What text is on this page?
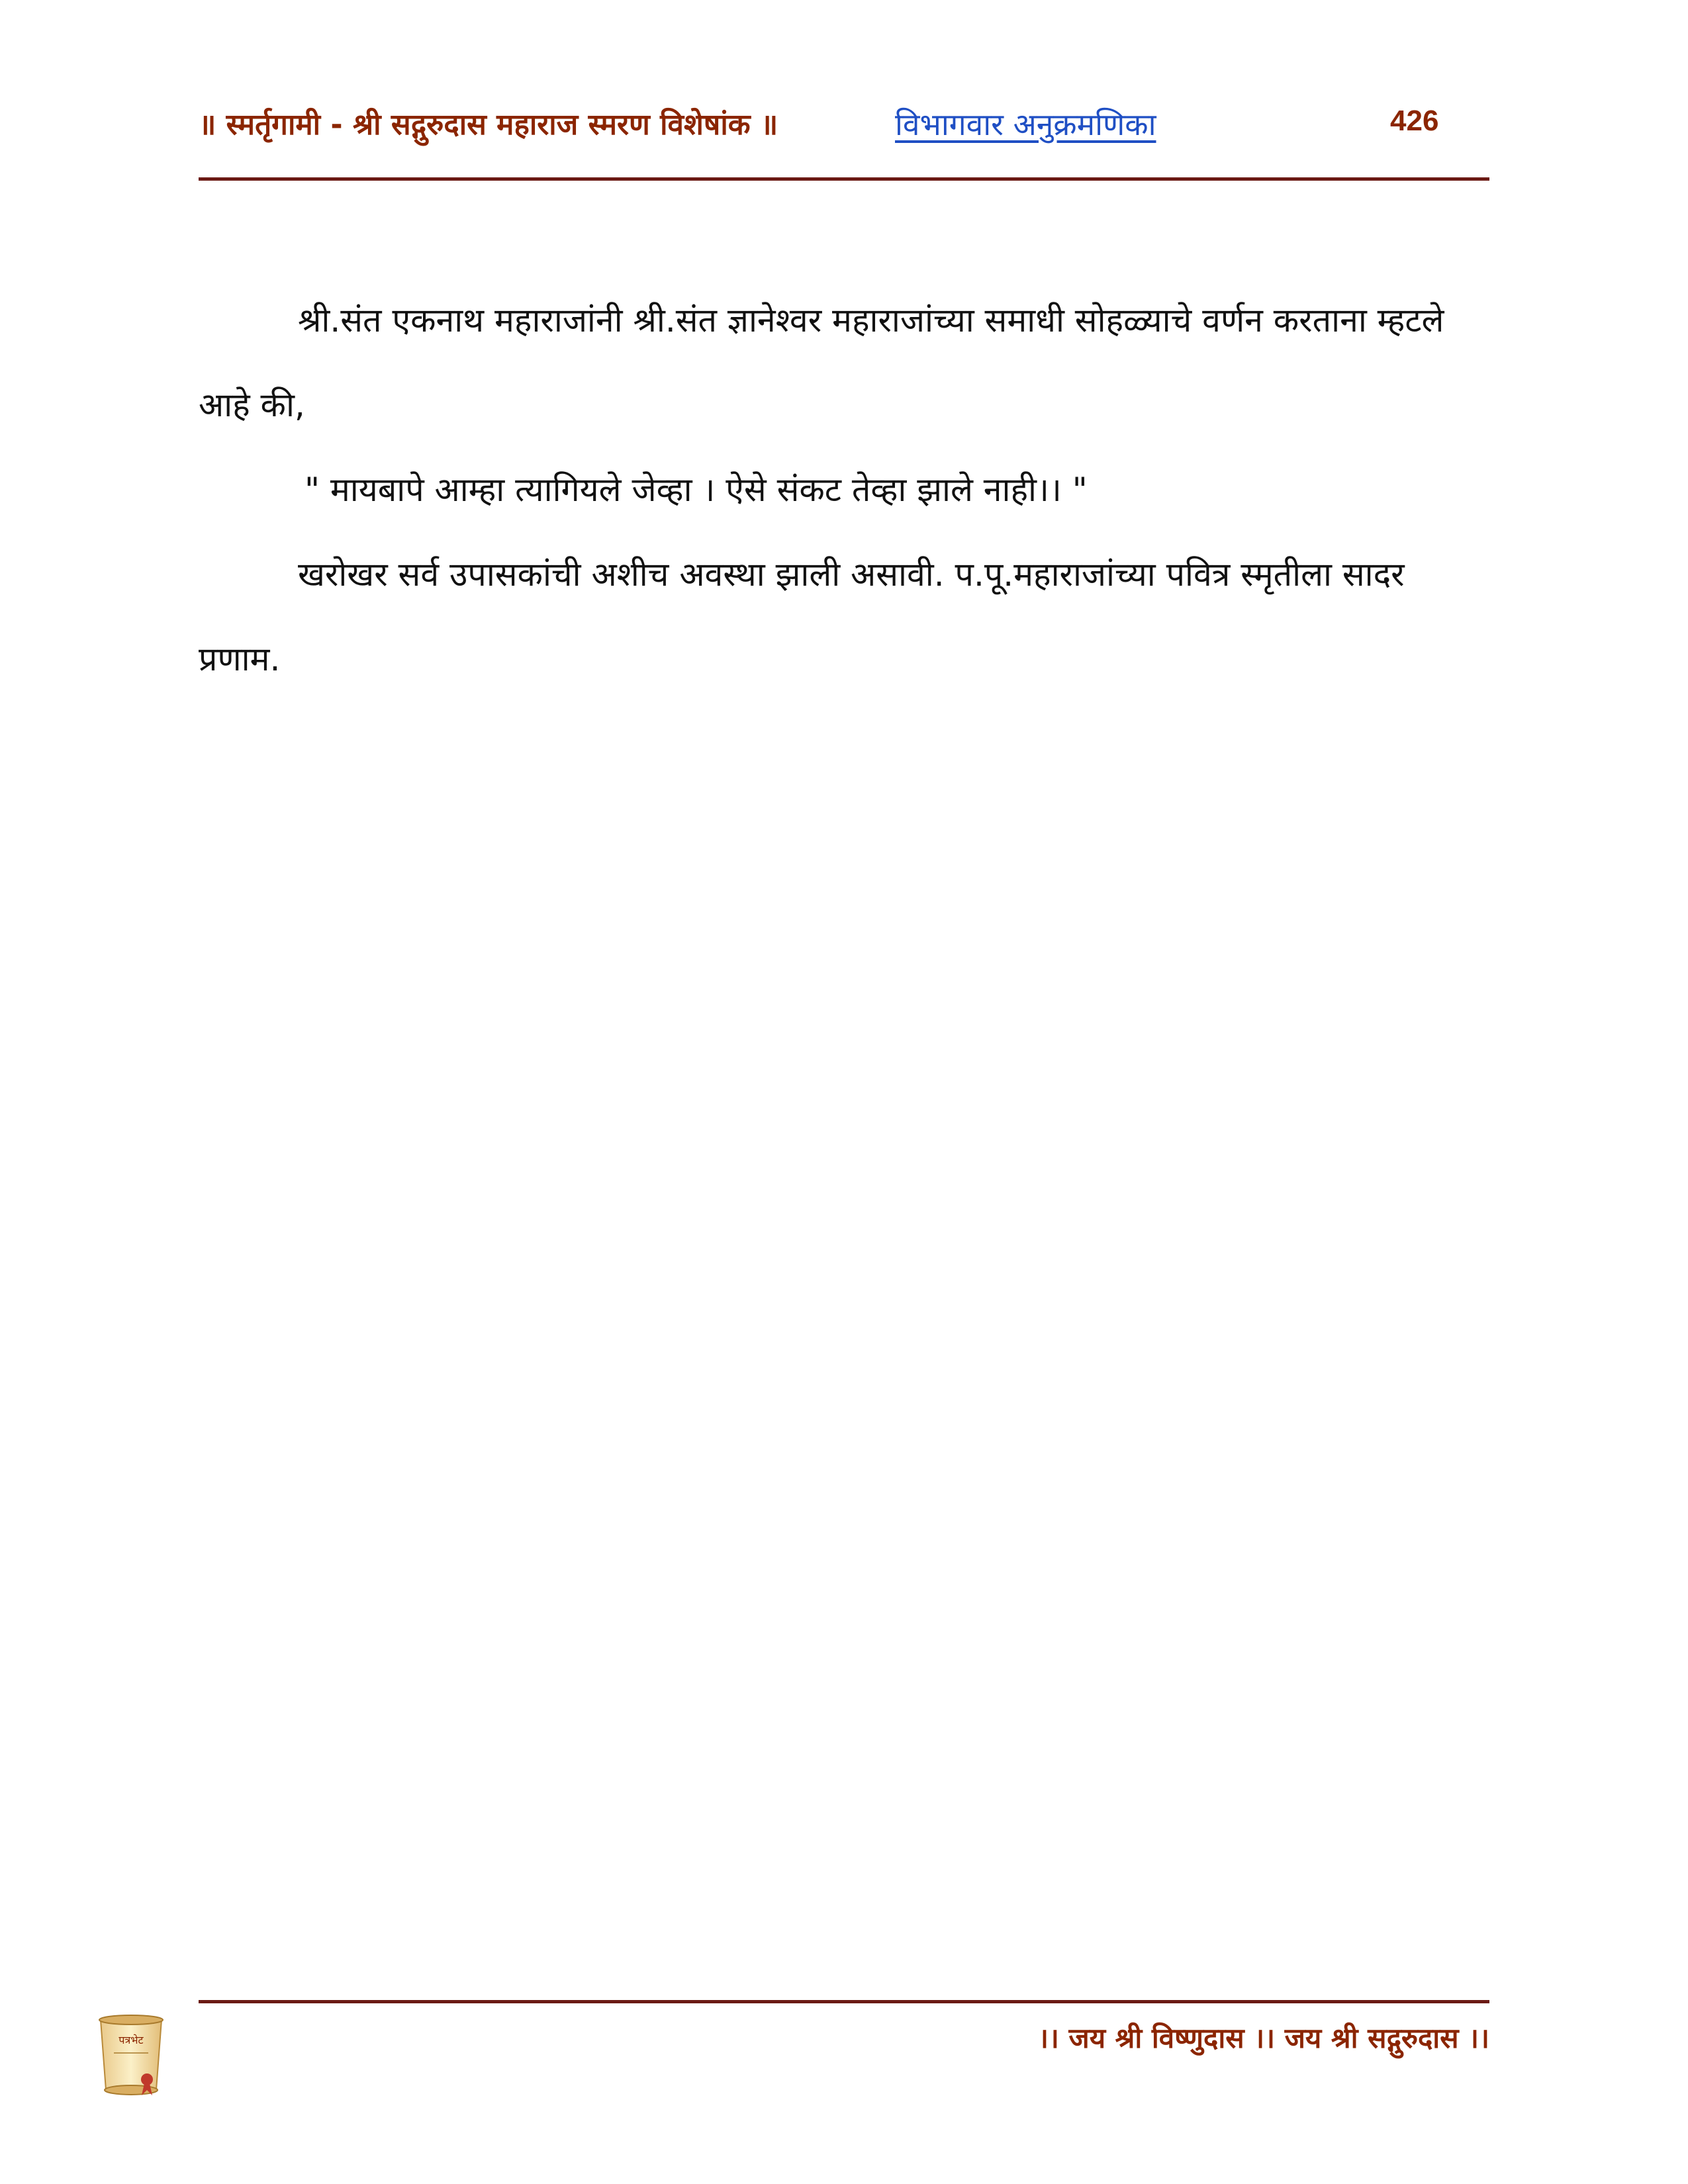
॥ स्मर्तृगामी - श्री सद्गुरुदास महाराज स्मरण विशेषांक ॥	विभागवार अनुक्रमणिका	426

श्री.संत एकनाथ महाराजांनी श्री.संत ज्ञानेश्वर महाराजांच्या समाधी सोहळ्याचे वर्णन करताना म्हटले आहे की,

" मायबापे आम्हा त्यागियले जेव्हा । ऐसे संकट तेव्हा झाले नाही।। "

खरोखर सर्व उपासकांची अशीच अवस्था झाली असावी. प.पू.महाराजांच्या पवित्र स्मृतीला सादर प्रणाम.

पत्रभेट	।। जय श्री विष्णुदास ।। जय श्री सद्गुरुदास ।।
